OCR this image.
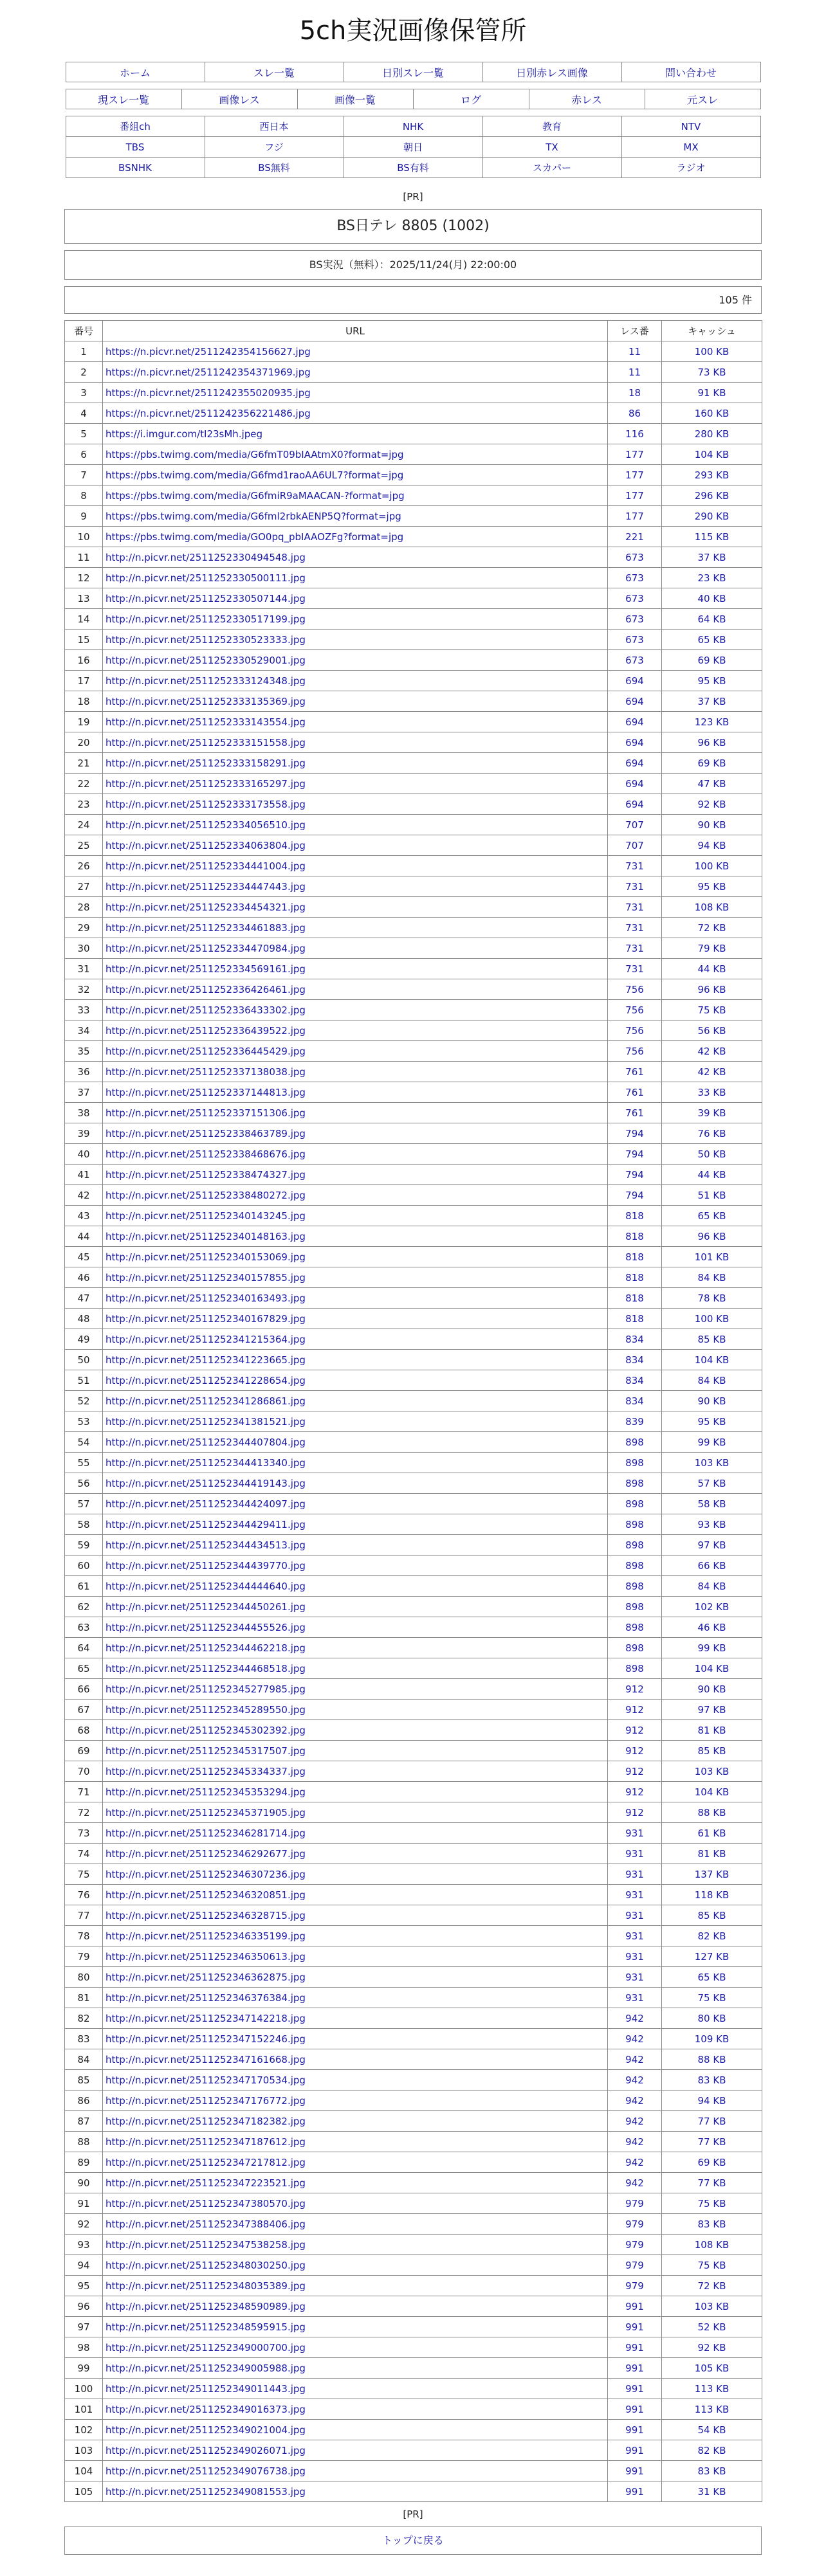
5ch実況画像保管所
ホーム	スレ一覧	日別スレ一覧	日別赤レス画像	問い合わせ
現スレ一覧	画像レス	画像一覧	ログ	赤レス	元スレ
番組ch	西日本	NHK	教育	NTV
TBS	フジ	朝日	TX	MX
BSNHK	BS無料	BS有料	スカパー	ラジオ
[PR]
BS日テレ 8805 (1002)
BS実況（無料）：2025/11/24(月) 22:00:00
105 件
番号	URL	レス番	キャッシュ
1	https://n.picvr.net/2511242354156627.jpg	11	100 KB
2	https://n.picvr.net/2511242354371969.jpg	11	73 KB
3	https://n.picvr.net/2511242355020935.jpg	18	91 KB
4	https://n.picvr.net/2511242356221486.jpg	86	160 KB
5	https://i.imgur.com/tI23sMh.jpeg	116	280 KB
6	https://pbs.twimg.com/media/G6fmT09bIAAtmX0?format=jpg	177	104 KB
7	https://pbs.twimg.com/media/G6fmd1raoAA6UL7?format=jpg	177	293 KB
8	https://pbs.twimg.com/media/G6fmiR9aMAACAN-?format=jpg	177	296 KB
9	https://pbs.twimg.com/media/G6fml2rbkAENP5Q?format=jpg	177	290 KB
10	https://pbs.twimg.com/media/GO0pq_pbIAAOZFg?format=jpg	221	115 KB
11	http://n.picvr.net/2511252330494548.jpg	673	37 KB
12	http://n.picvr.net/2511252330500111.jpg	673	23 KB
13	http://n.picvr.net/2511252330507144.jpg	673	40 KB
14	http://n.picvr.net/2511252330517199.jpg	673	64 KB
15	http://n.picvr.net/2511252330523333.jpg	673	65 KB
16	http://n.picvr.net/2511252330529001.jpg	673	69 KB
17	http://n.picvr.net/2511252333124348.jpg	694	95 KB
18	http://n.picvr.net/2511252333135369.jpg	694	37 KB
19	http://n.picvr.net/2511252333143554.jpg	694	123 KB
20	http://n.picvr.net/2511252333151558.jpg	694	96 KB
21	http://n.picvr.net/2511252333158291.jpg	694	69 KB
22	http://n.picvr.net/2511252333165297.jpg	694	47 KB
23	http://n.picvr.net/2511252333173558.jpg	694	92 KB
24	http://n.picvr.net/2511252334056510.jpg	707	90 KB
25	http://n.picvr.net/2511252334063804.jpg	707	94 KB
26	http://n.picvr.net/2511252334441004.jpg	731	100 KB
27	http://n.picvr.net/2511252334447443.jpg	731	95 KB
28	http://n.picvr.net/2511252334454321.jpg	731	108 KB
29	http://n.picvr.net/2511252334461883.jpg	731	72 KB
30	http://n.picvr.net/2511252334470984.jpg	731	79 KB
31	http://n.picvr.net/2511252334569161.jpg	731	44 KB
32	http://n.picvr.net/2511252336426461.jpg	756	96 KB
33	http://n.picvr.net/2511252336433302.jpg	756	75 KB
34	http://n.picvr.net/2511252336439522.jpg	756	56 KB
35	http://n.picvr.net/2511252336445429.jpg	756	42 KB
36	http://n.picvr.net/2511252337138038.jpg	761	42 KB
37	http://n.picvr.net/2511252337144813.jpg	761	33 KB
38	http://n.picvr.net/2511252337151306.jpg	761	39 KB
39	http://n.picvr.net/2511252338463789.jpg	794	76 KB
40	http://n.picvr.net/2511252338468676.jpg	794	50 KB
41	http://n.picvr.net/2511252338474327.jpg	794	44 KB
42	http://n.picvr.net/2511252338480272.jpg	794	51 KB
43	http://n.picvr.net/2511252340143245.jpg	818	65 KB
44	http://n.picvr.net/2511252340148163.jpg	818	96 KB
45	http://n.picvr.net/2511252340153069.jpg	818	101 KB
46	http://n.picvr.net/2511252340157855.jpg	818	84 KB
47	http://n.picvr.net/2511252340163493.jpg	818	78 KB
48	http://n.picvr.net/2511252340167829.jpg	818	100 KB
49	http://n.picvr.net/2511252341215364.jpg	834	85 KB
50	http://n.picvr.net/2511252341223665.jpg	834	104 KB
51	http://n.picvr.net/2511252341228654.jpg	834	84 KB
52	http://n.picvr.net/2511252341286861.jpg	834	90 KB
53	http://n.picvr.net/2511252341381521.jpg	839	95 KB
54	http://n.picvr.net/2511252344407804.jpg	898	99 KB
55	http://n.picvr.net/2511252344413340.jpg	898	103 KB
56	http://n.picvr.net/2511252344419143.jpg	898	57 KB
57	http://n.picvr.net/2511252344424097.jpg	898	58 KB
58	http://n.picvr.net/2511252344429411.jpg	898	93 KB
59	http://n.picvr.net/2511252344434513.jpg	898	97 KB
60	http://n.picvr.net/2511252344439770.jpg	898	66 KB
61	http://n.picvr.net/2511252344444640.jpg	898	84 KB
62	http://n.picvr.net/2511252344450261.jpg	898	102 KB
63	http://n.picvr.net/2511252344455526.jpg	898	46 KB
64	http://n.picvr.net/2511252344462218.jpg	898	99 KB
65	http://n.picvr.net/2511252344468518.jpg	898	104 KB
66	http://n.picvr.net/2511252345277985.jpg	912	90 KB
67	http://n.picvr.net/2511252345289550.jpg	912	97 KB
68	http://n.picvr.net/2511252345302392.jpg	912	81 KB
69	http://n.picvr.net/2511252345317507.jpg	912	85 KB
70	http://n.picvr.net/2511252345334337.jpg	912	103 KB
71	http://n.picvr.net/2511252345353294.jpg	912	104 KB
72	http://n.picvr.net/2511252345371905.jpg	912	88 KB
73	http://n.picvr.net/2511252346281714.jpg	931	61 KB
74	http://n.picvr.net/2511252346292677.jpg	931	81 KB
75	http://n.picvr.net/2511252346307236.jpg	931	137 KB
76	http://n.picvr.net/2511252346320851.jpg	931	118 KB
77	http://n.picvr.net/2511252346328715.jpg	931	85 KB
78	http://n.picvr.net/2511252346335199.jpg	931	82 KB
79	http://n.picvr.net/2511252346350613.jpg	931	127 KB
80	http://n.picvr.net/2511252346362875.jpg	931	65 KB
81	http://n.picvr.net/2511252346376384.jpg	931	75 KB
82	http://n.picvr.net/2511252347142218.jpg	942	80 KB
83	http://n.picvr.net/2511252347152246.jpg	942	109 KB
84	http://n.picvr.net/2511252347161668.jpg	942	88 KB
85	http://n.picvr.net/2511252347170534.jpg	942	83 KB
86	http://n.picvr.net/2511252347176772.jpg	942	94 KB
87	http://n.picvr.net/2511252347182382.jpg	942	77 KB
88	http://n.picvr.net/2511252347187612.jpg	942	77 KB
89	http://n.picvr.net/2511252347217812.jpg	942	69 KB
90	http://n.picvr.net/2511252347223521.jpg	942	77 KB
91	http://n.picvr.net/2511252347380570.jpg	979	75 KB
92	http://n.picvr.net/2511252347388406.jpg	979	83 KB
93	http://n.picvr.net/2511252347538258.jpg	979	108 KB
94	http://n.picvr.net/2511252348030250.jpg	979	75 KB
95	http://n.picvr.net/2511252348035389.jpg	979	72 KB
96	http://n.picvr.net/2511252348590989.jpg	991	103 KB
97	http://n.picvr.net/2511252348595915.jpg	991	52 KB
98	http://n.picvr.net/2511252349000700.jpg	991	92 KB
99	http://n.picvr.net/2511252349005988.jpg	991	105 KB
100	http://n.picvr.net/2511252349011443.jpg	991	113 KB
101	http://n.picvr.net/2511252349016373.jpg	991	113 KB
102	http://n.picvr.net/2511252349021004.jpg	991	54 KB
103	http://n.picvr.net/2511252349026071.jpg	991	82 KB
104	http://n.picvr.net/2511252349076738.jpg	991	83 KB
105	http://n.picvr.net/2511252349081553.jpg	991	31 KB
[PR]
トップに戻る
